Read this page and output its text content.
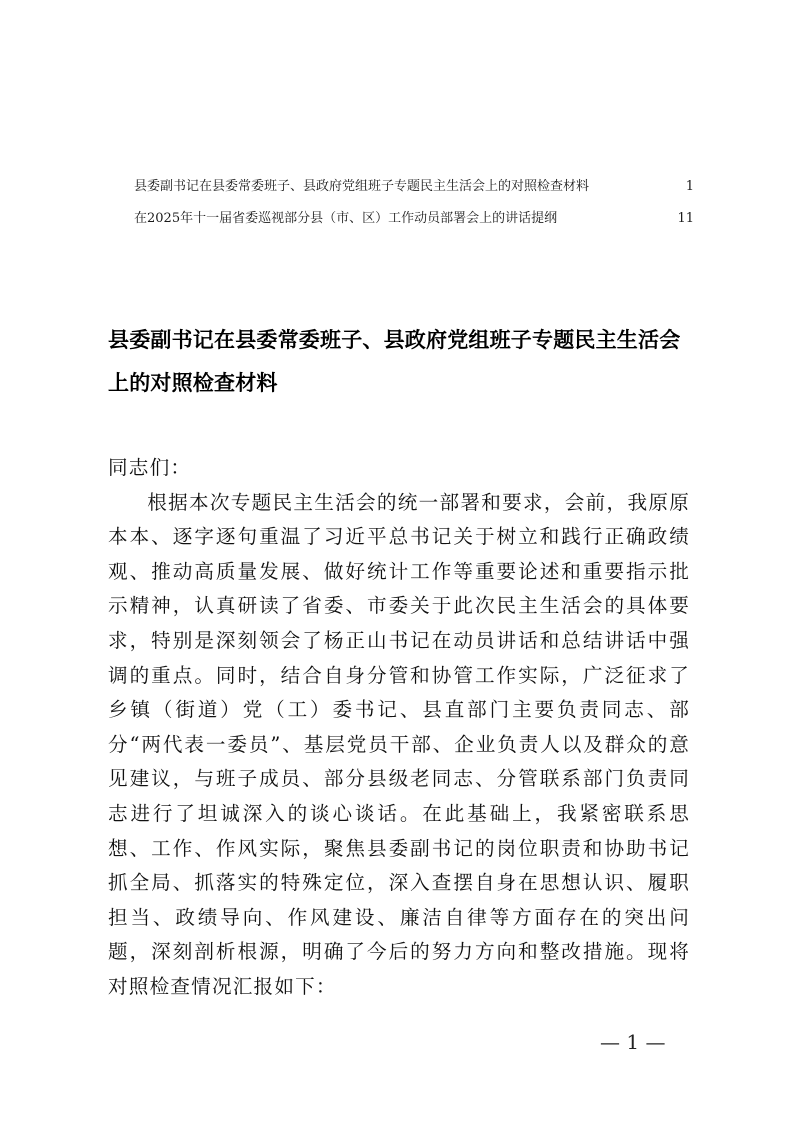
县委副书记在县委常委班子、县政府党组班子专题民主生活会上的对照检查材料	1
在2025年十一届省委巡视部分县（市、区）工作动员部署会上的讲话提纲	11
县委副书记在县委常委班子、县政府党组班子专题民主生活会上的对照检查材料

同志们：

根据本次专题民主生活会的统一部署和要求，会前，我原原本本、逐字逐句重温了习近平总书记关于树立和践行正确政绩观、推动高质量发展、做好统计工作等重要论述和重要指示批示精神，认真研读了省委、市委关于此次民主生活会的具体要求，特别是深刻领会了杨正山书记在动员讲话和总结讲话中强调的重点。同时，结合自身分管和协管工作实际，广泛征求了乡镇（街道）党（工）委书记、县直部门主要负责同志、部分“两代表一委员”、基层党员干部、企业负责人以及群众的意见建议，与班子成员、部分县级老同志、分管联系部门负责同志进行了坦诚深入的谈心谈话。在此基础上，我紧密联系思想、工作、作风实际，聚焦县委副书记的岗位职责和协助书记抓全局、抓落实的特殊定位，深入查摆自身在思想认识、履职担当、政绩导向、作风建设、廉洁自律等方面存在的突出问题，深刻剖析根源，明确了今后的努力方向和整改措施。现将对照检查情况汇报如下：

— 1 —
